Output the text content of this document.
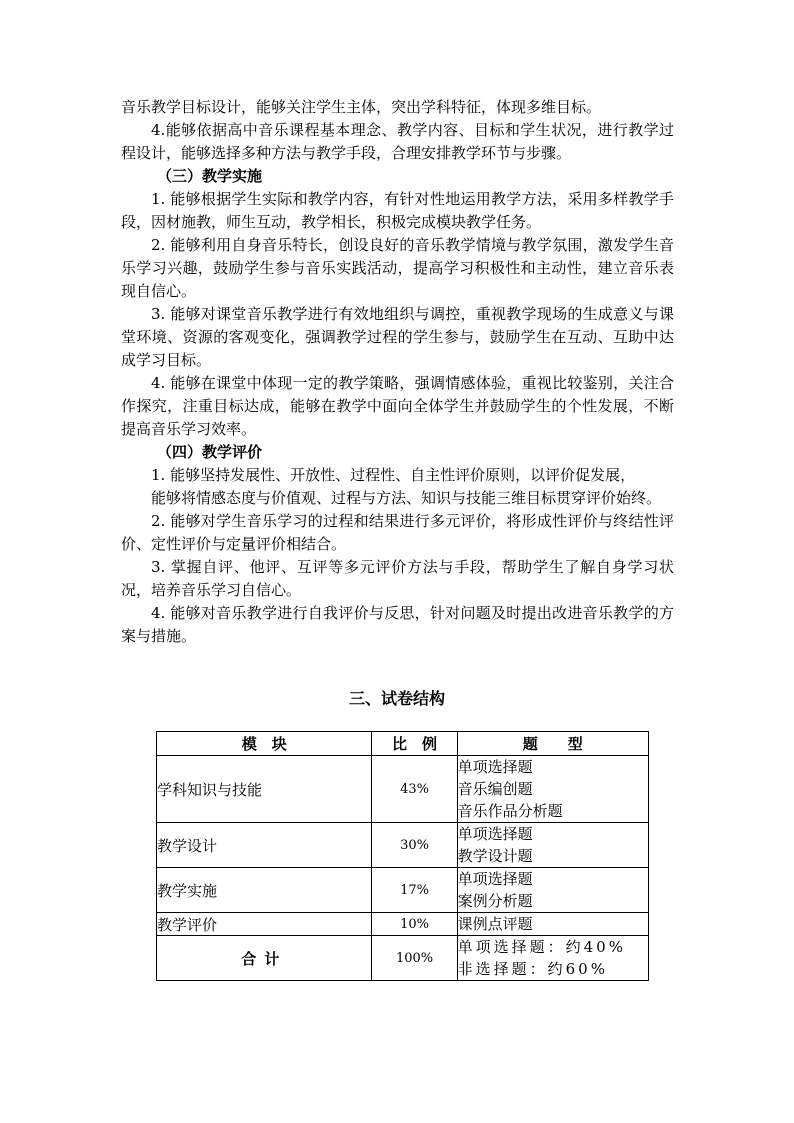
音乐教学目标设计，能够关注学生主体，突出学科特征，体现多维目标。

4.能够依据高中音乐课程基本理念、教学内容、目标和学生状况，进行教学过程设计，能够选择多种方法与教学手段，合理安排教学环节与步骤。

（三）教学实施

1. 能够根据学生实际和教学内容，有针对性地运用教学方法，采用多样教学手段，因材施教，师生互动，教学相长，积极完成模块教学任务。

2. 能够利用自身音乐特长，创设良好的音乐教学情境与教学氛围，激发学生音乐学习兴趣，鼓励学生参与音乐实践活动，提高学习积极性和主动性，建立音乐表现自信心。

3. 能够对课堂音乐教学进行有效地组织与调控，重视教学现场的生成意义与课堂环境、资源的客观变化，强调教学过程的学生参与，鼓励学生在互动、互助中达成学习目标。

4. 能够在课堂中体现一定的教学策略，强调情感体验，重视比较鉴别，关注合作探究，注重目标达成，能够在教学中面向全体学生并鼓励学生的个性发展，不断提高音乐学习效率。

（四）教学评价

1. 能够坚持发展性、开放性、过程性、自主性评价原则，以评价促发展，

能够将情感态度与价值观、过程与方法、知识与技能三维目标贯穿评价始终。

2. 能够对学生音乐学习的过程和结果进行多元评价，将形成性评价与终结性评价、定性评价与定量评价相结合。

3. 掌握自评、他评、互评等多元评价方法与手段，帮助学生了解自身学习状况，培养音乐学习自信心。

4. 能够对音乐教学进行自我评价与反思，针对问题及时提出改进音乐教学的方案与措施。

三、试卷结构
模　块	比　例	题　　型
学科知识与技能	43%	单项选择题
音乐编创题
音乐作品分析题

教学设计	30%	单项选择题
教学设计题

教学实施	17%	单项选择题
案例分析题

教学评价	10%	课例点评题

合计	100%	单项选择题：约40%
非选择题：约60%
